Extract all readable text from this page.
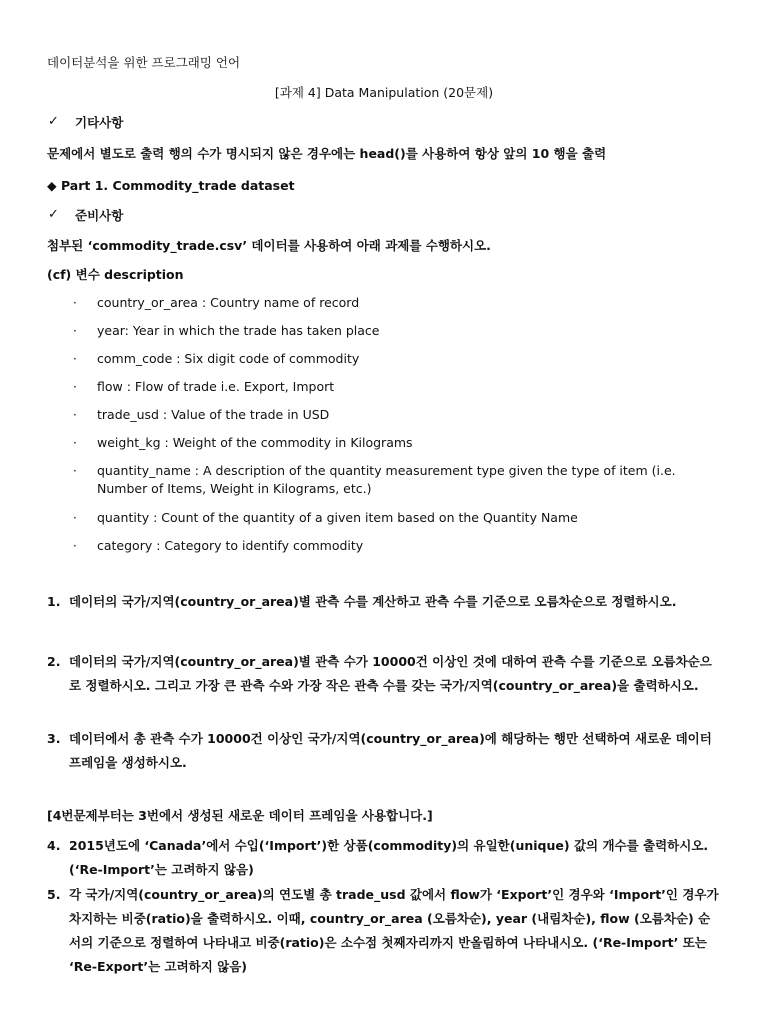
데이터분석을 위한 프로그래밍 언어
[과제 4] Data Manipulation (20문제)
✓ 기타사항
문제에서 별도로 출력 행의 수가 명시되지 않은 경우에는 head()를 사용하여 항상 앞의 10 행을 출력
◆ Part 1. Commodity_trade dataset
✓ 준비사항
첨부된 ‘commodity_trade.csv’ 데이터를 사용하여 아래 과제를 수행하시오.
(cf) 변수 description
· country_or_area : Country name of record
· year: Year in which the trade has taken place
· comm_code : Six digit code of commodity
· flow : Flow of trade i.e. Export, Import
· trade_usd : Value of the trade in USD
· weight_kg : Weight of the commodity in Kilograms
· quantity_name : A description of the quantity measurement type given the type of item (i.e. Number of Items, Weight in Kilograms, etc.)
· quantity : Count of the quantity of a given item based on the Quantity Name
· category : Category to identify commodity
1. 데이터의 국가/지역(country_or_area)별 관측 수를 계산하고 관측 수를 기준으로 오름차순으로 정렬하시오.
2. 데이터의 국가/지역(country_or_area)별 관측 수가 10000건 이상인 것에 대하여 관측 수를 기준으로 오름차순으로 정렬하시오. 그리고 가장 큰 관측 수와 가장 작은 관측 수를 갖는 국가/지역(country_or_area)을 출력하시오.
3. 데이터에서 총 관측 수가 10000건 이상인 국가/지역(country_or_area)에 해당하는 행만 선택하여 새로운 데이터 프레임을 생성하시오.
[4번문제부터는 3번에서 생성된 새로운 데이터 프레임을 사용합니다.]
4. 2015년도에 ‘Canada’에서 수입(‘Import’)한 상품(commodity)의 유일한(unique) 값의 개수를 출력하시오. (‘Re-Import’는 고려하지 않음)
5. 각 국가/지역(country_or_area)의 연도별 총 trade_usd 값에서 flow가 ‘Export’인 경우와 ‘Import’인 경우가 차지하는 비중(ratio)을 출력하시오. 이때, country_or_area (오름차순), year (내림차순), flow (오름차순) 순서의 기준으로 정렬하여 나타내고 비중(ratio)은 소수점 첫째자리까지 반올림하여 나타내시오. (‘Re-Import’ 또는 ‘Re-Export’는 고려하지 않음)
